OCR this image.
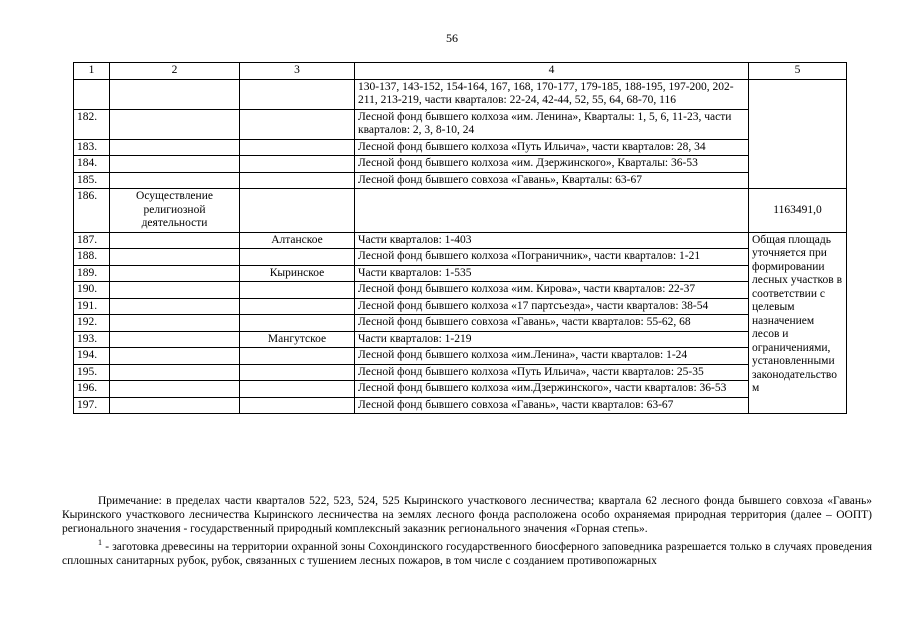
56
1	2	3	4	5
			130-137, 143-152, 154-164, 167, 168, 170-177, 179-185, 188-195, 197-200, 202-211, 213-219, части кварталов: 22-24, 42-44, 52, 55, 64, 68-70, 116	
182.			Лесной фонд бывшего колхоза «им. Ленина», Кварталы: 1, 5, 6, 11-23, части кварталов: 2, 3, 8-10, 24	
183.			Лесной фонд бывшего колхоза «Путь Ильича», части кварталов: 28, 34	
184.			Лесной фонд бывшего колхоза «им. Дзержинского», Кварталы: 36-53	
185.			Лесной фонд бывшего совхоза «Гавань», Кварталы: 63-67	
186.	Осуществление религиозной деятельности			1163491,0
187.		Алтанское	Части кварталов: 1-403	Общая площадь уточняется при формировании лесных участков в соответствии с целевым назначением лесов и ограничениями, установленными законодательство м
188.			Лесной фонд бывшего колхоза «Пограничник», части кварталов: 1-21	
189.		Кыринское	Части кварталов: 1-535	
190.			Лесной фонд бывшего колхоза «им. Кирова», части кварталов: 22-37	
191.			Лесной фонд бывшего колхоза «17 партсъезда», части кварталов: 38-54	
192.			Лесной фонд бывшего совхоза «Гавань», части кварталов: 55-62, 68	
193.		Мангутское	Части кварталов: 1-219	
194.			Лесной фонд бывшего колхоза «им.Ленина», части кварталов: 1-24	
195.			Лесной фонд бывшего колхоза «Путь Ильича», части кварталов: 25-35	
196.			Лесной фонд бывшего колхоза «им.Дзержинского», части кварталов: 36-53	
197.			Лесной фонд бывшего совхоза «Гавань», части кварталов: 63-67	

Примечание: в пределах части кварталов 522, 523, 524, 525 Кыринского участкового лесничества; квартала 62 лесного фонда бывшего совхоза «Гавань» Кыринского участкового лесничества Кыринского лесничества на землях лесного фонда расположена особо охраняемая природная территория (далее – ООПТ) регионального значения - государственный природный комплексный заказник регионального значения «Горная степь».

$^1$ - заготовка древесины на территории охранной зоны Сохондинского государственного биосферного заповедника разрешается только в случаях проведения сплошных санитарных рубок, рубок, связанных с тушением лесных пожаров, в том числе с созданием противопожарных
